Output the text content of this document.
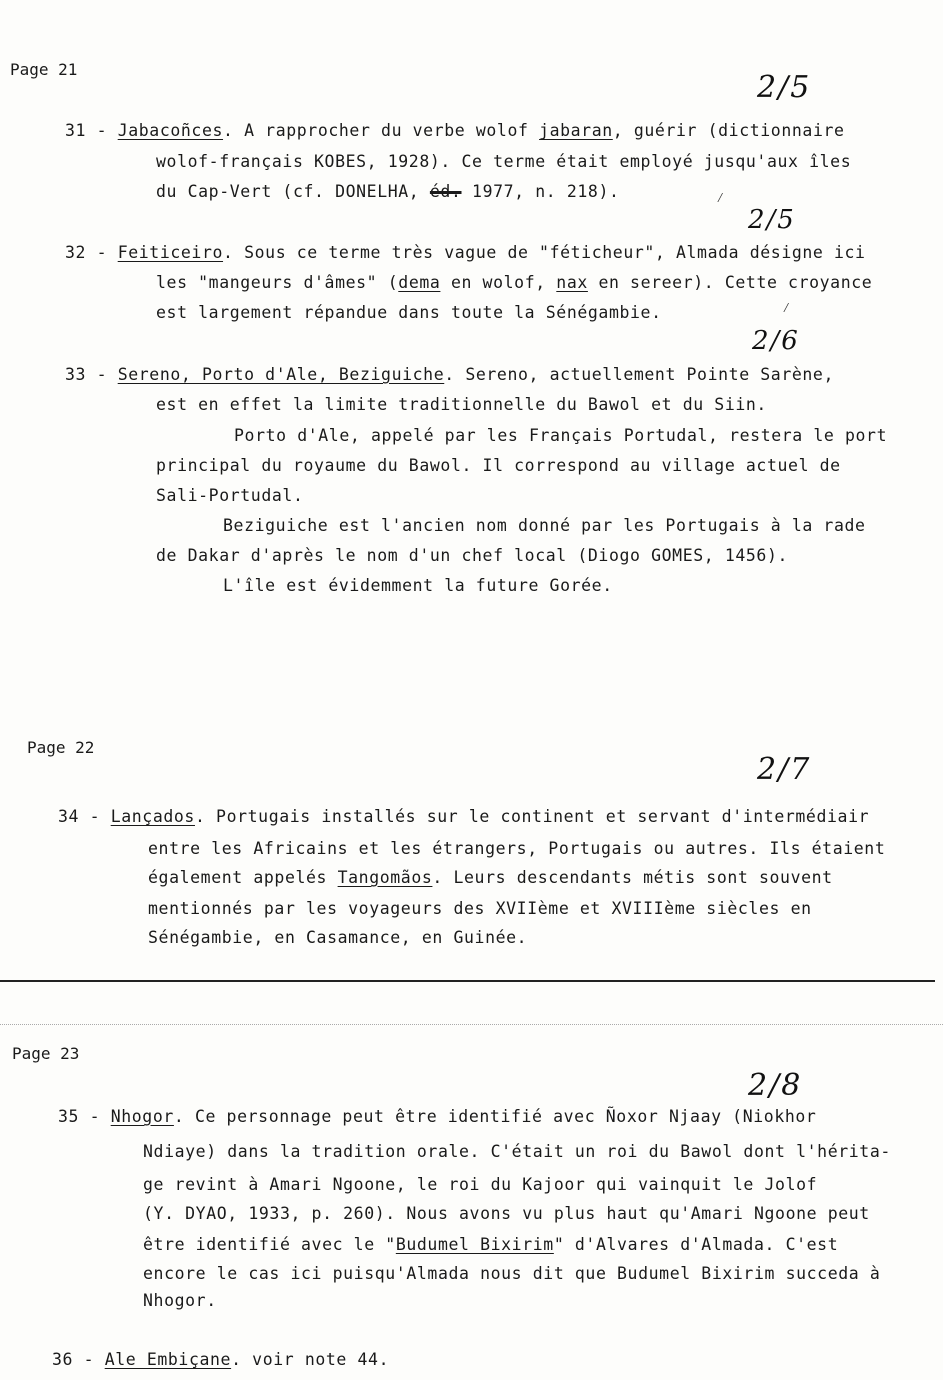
Page 21
2/5
31 - Jabacoñces. A rapprocher du verbe wolof jabaran, guérir (dictionnaire
wolof-français KOBES, 1928). Ce terme était employé jusqu'aux îles
du Cap-Vert (cf. DONELHA, éd. 1977, n. 218).	⁄
2/5
32 - Feiticeiro. Sous ce terme très vague de "féticheur", Almada désigne ici
les "mangeurs d'âmes" (dema en wolof, nax en sereer). Cette croyance
est largement répandue dans toute la Sénégambie.	⁄
2/6
33 - Sereno, Porto d'Ale, Beziguiche. Sereno, actuellement Pointe Sarène,
est en effet la limite traditionnelle du Bawol et du Siin.
Porto d'Ale, appelé par les Français Portudal, restera le port
principal du royaume du Bawol. Il correspond au village actuel de
Sali-Portudal.
Beziguiche est l'ancien nom donné par les Portugais à la rade
de Dakar d'après le nom d'un chef local (Diogo GOMES, 1456).
L'île est évidemment la future Gorée.
Page 22
2/7
34 - Lançados. Portugais installés sur le continent et servant d'intermédiair
entre les Africains et les étrangers, Portugais ou autres. Ils étaient
également appelés Tangomãos. Leurs descendants métis sont souvent
mentionnés par les voyageurs des XVIIème et XVIIIème siècles en
Sénégambie, en Casamance, en Guinée.
Page 23
2/8
35 - Nhogor. Ce personnage peut être identifié avec Ñoxor Njaay (Niokhor
Ndiaye) dans la tradition orale. C'était un roi du Bawol dont l'hérita-
ge revint à Amari Ngoone, le roi du Kajoor qui vainquit le Jolof
(Y. DYAO, 1933, p. 260). Nous avons vu plus haut qu'Amari Ngoone peut
être identifié avec le "Budumel Bixirim" d'Alvares d'Almada. C'est
encore le cas ici puisqu'Almada nous dit que Budumel Bixirim succeda à
Nhogor.
36 - Ale Embiçane. voir note 44.
